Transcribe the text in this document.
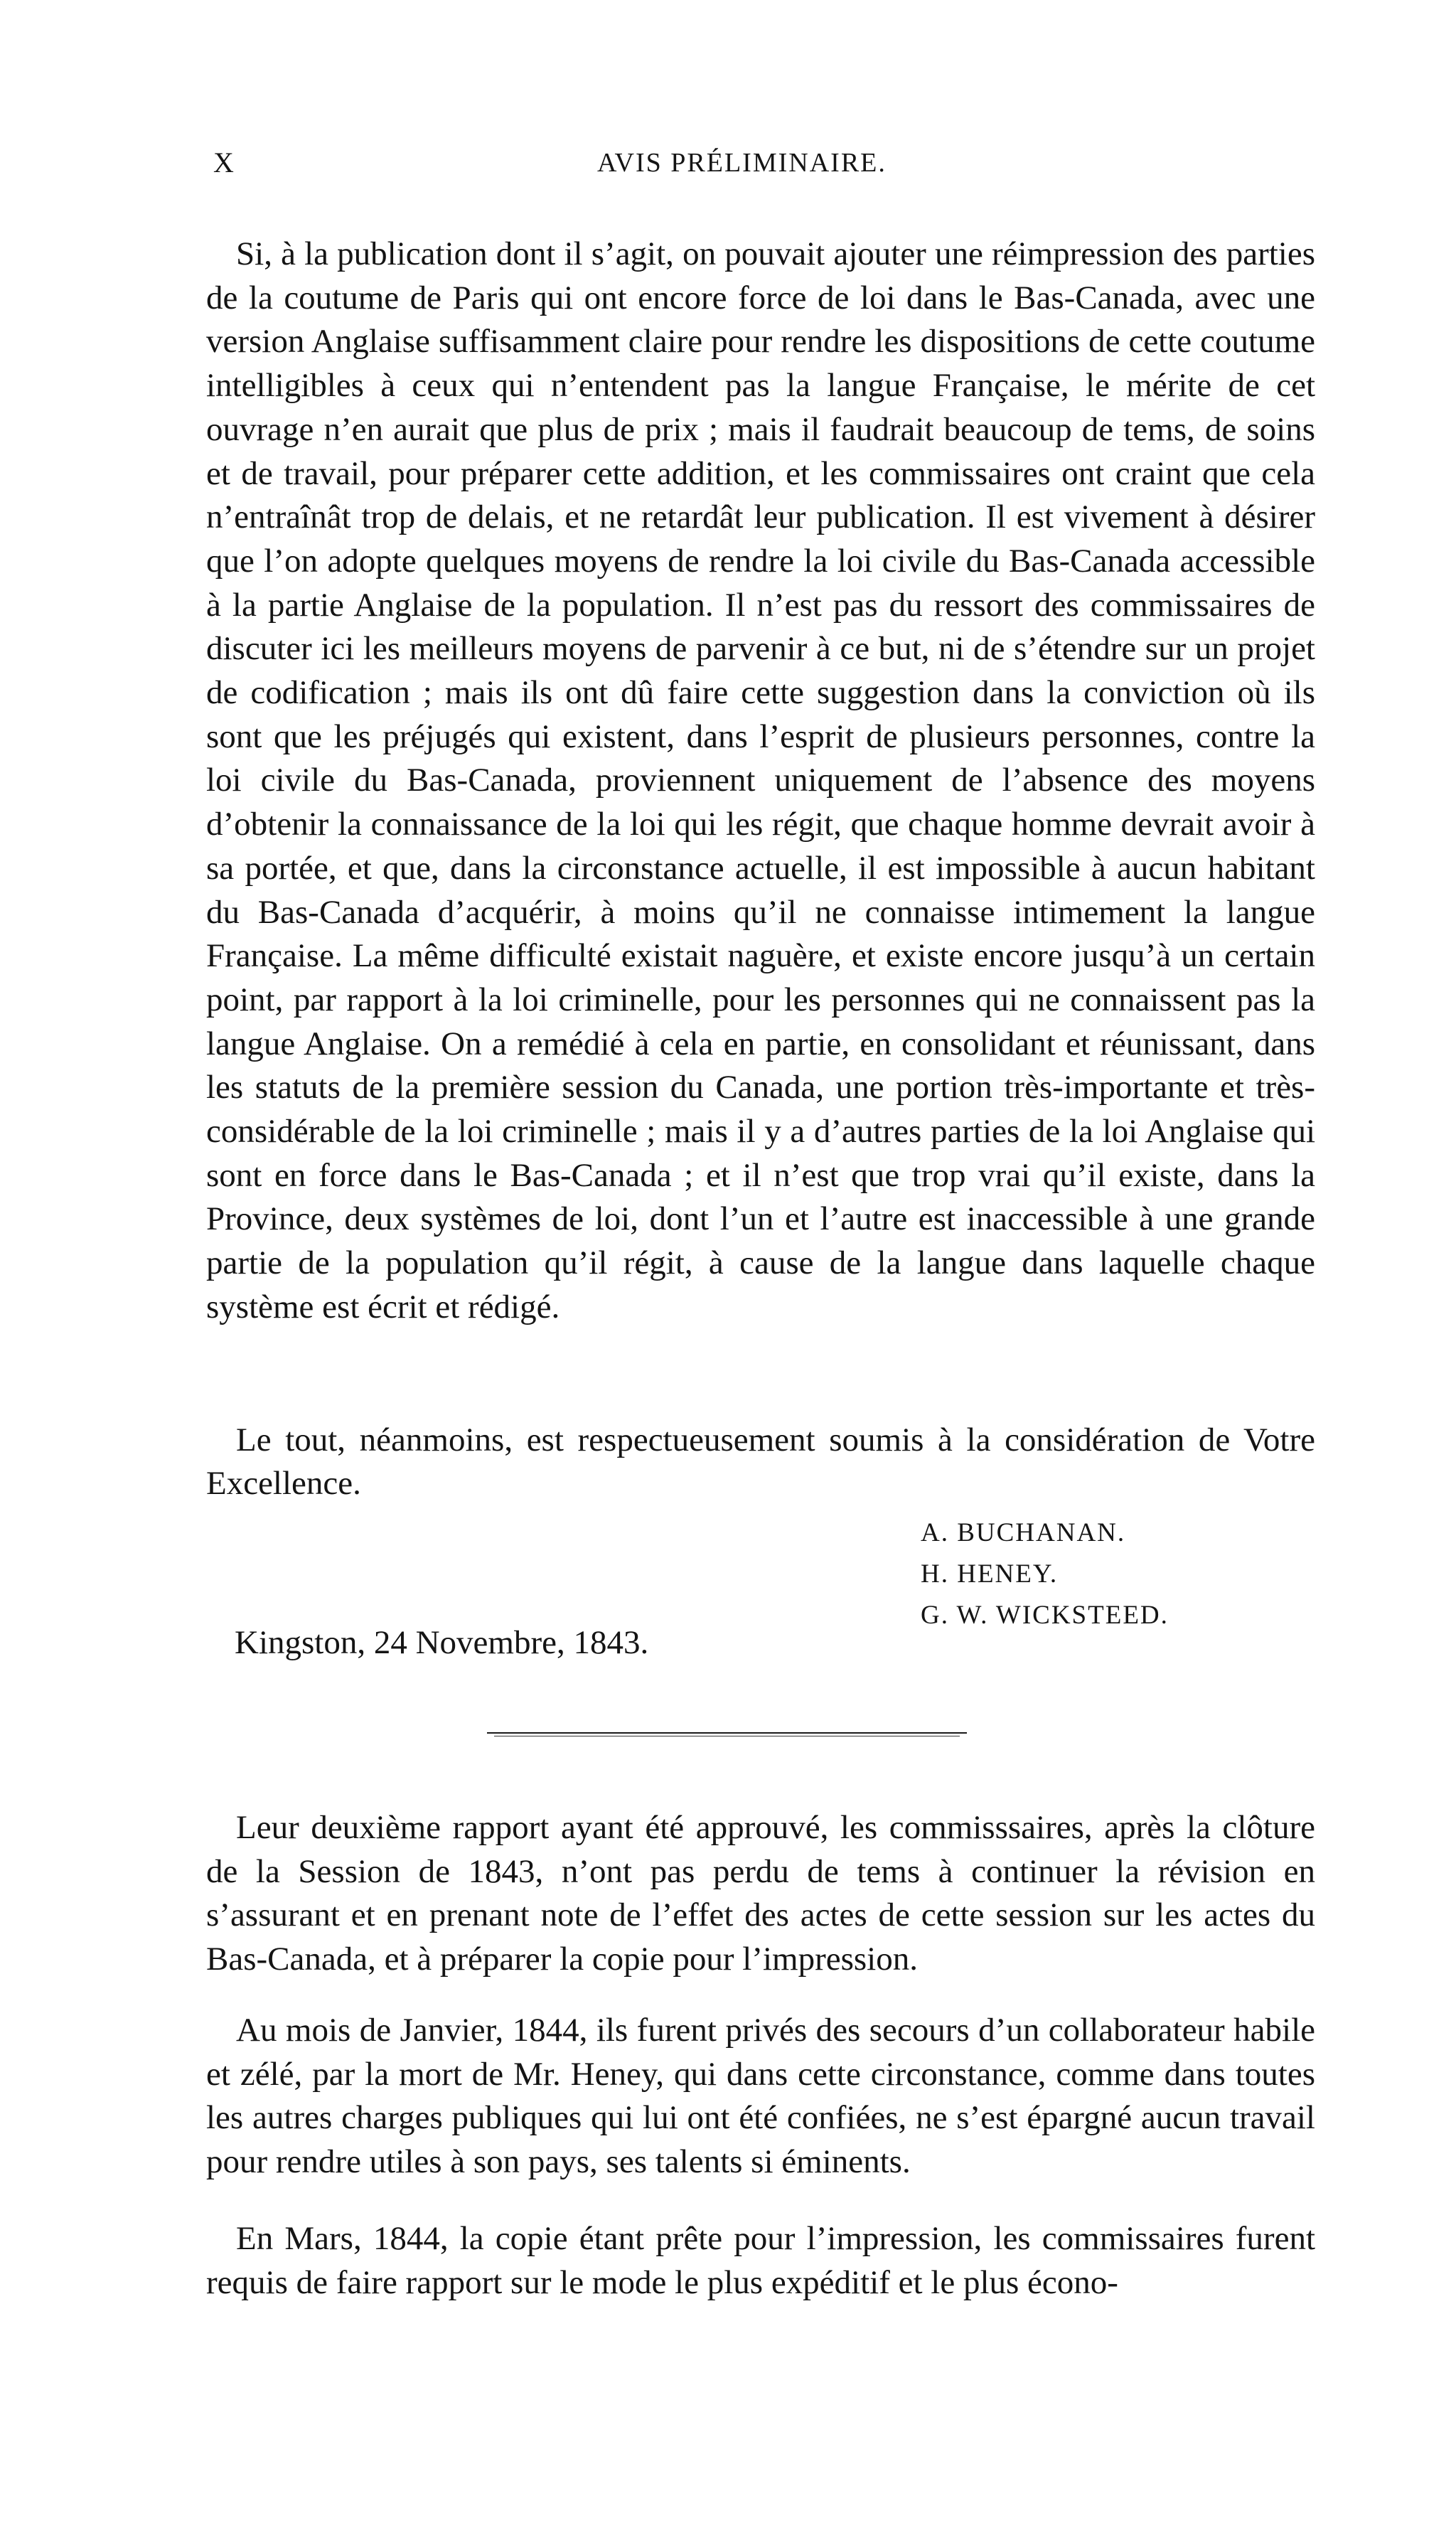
X	AVIS PRÉLIMINAIRE.

Si, à la publication dont il s’agit, on pouvait ajouter une réimpression des parties de la coutume de Paris qui ont encore force de loi dans le Bas-Canada, avec une version Anglaise suffisamment claire pour rendre les dispositions de cette coutume intelligibles à ceux qui n’entendent pas la langue Française, le mérite de cet ouvrage n’en aurait que plus de prix ; mais il faudrait beaucoup de tems, de soins et de travail, pour préparer cette addition, et les commissaires ont craint que cela n’entraînât trop de delais, et ne retardât leur publication. Il est vivement à désirer que l’on adopte quelques moyens de rendre la loi civile du Bas-Canada accessible à la partie Anglaise de la population. Il n’est pas du ressort des commissaires de discuter ici les meilleurs moyens de parvenir à ce but, ni de s’étendre sur un projet de codification ; mais ils ont dû faire cette suggestion dans la conviction où ils sont que les préjugés qui existent, dans l’esprit de plusieurs personnes, contre la loi civile du Bas-Canada, proviennent uniquement de l’absence des moyens d’obtenir la connaissance de la loi qui les régit, que chaque homme devrait avoir à sa portée, et que, dans la circonstance actuelle, il est impossible à aucun habitant du Bas-Canada d’acquérir, à moins qu’il ne connaisse intimement la langue Française. La même difficulté existait naguère, et existe encore jusqu’à un certain point, par rapport à la loi criminelle, pour les personnes qui ne connaissent pas la langue Anglaise. On a remédié à cela en partie, en consolidant et réunissant, dans les statuts de la première session du Canada, une portion très-importante et très-considérable de la loi criminelle ; mais il y a d’autres parties de la loi Anglaise qui sont en force dans le Bas-Canada ; et il n’est que trop vrai qu’il existe, dans la Province, deux systèmes de loi, dont l’un et l’autre est inaccessible à une grande partie de la population qu’il régit, à cause de la langue dans laquelle chaque système est écrit et rédigé.

Le tout, néanmoins, est respectueusement soumis à la considération de Votre Excellence.

A. BUCHANAN.
H. HENEY.
G. W. WICKSTEED.
Kingston, 24 Novembre, 1843.

Leur deuxième rapport ayant été approuvé, les commisssaires, après la clôture de la Session de 1843, n’ont pas perdu de tems à continuer la révision en s’assurant et en prenant note de l’effet des actes de cette session sur les actes du Bas-Canada, et à préparer la copie pour l’impression.

Au mois de Janvier, 1844, ils furent privés des secours d’un collaborateur habile et zélé, par la mort de Mr. Heney, qui dans cette circonstance, comme dans toutes les autres charges publiques qui lui ont été confiées, ne s’est épargné aucun travail pour rendre utiles à son pays, ses talents si éminents.

En Mars, 1844, la copie étant prête pour l’impression, les commissaires furent requis de faire rapport sur le mode le plus expéditif et le plus écono-
